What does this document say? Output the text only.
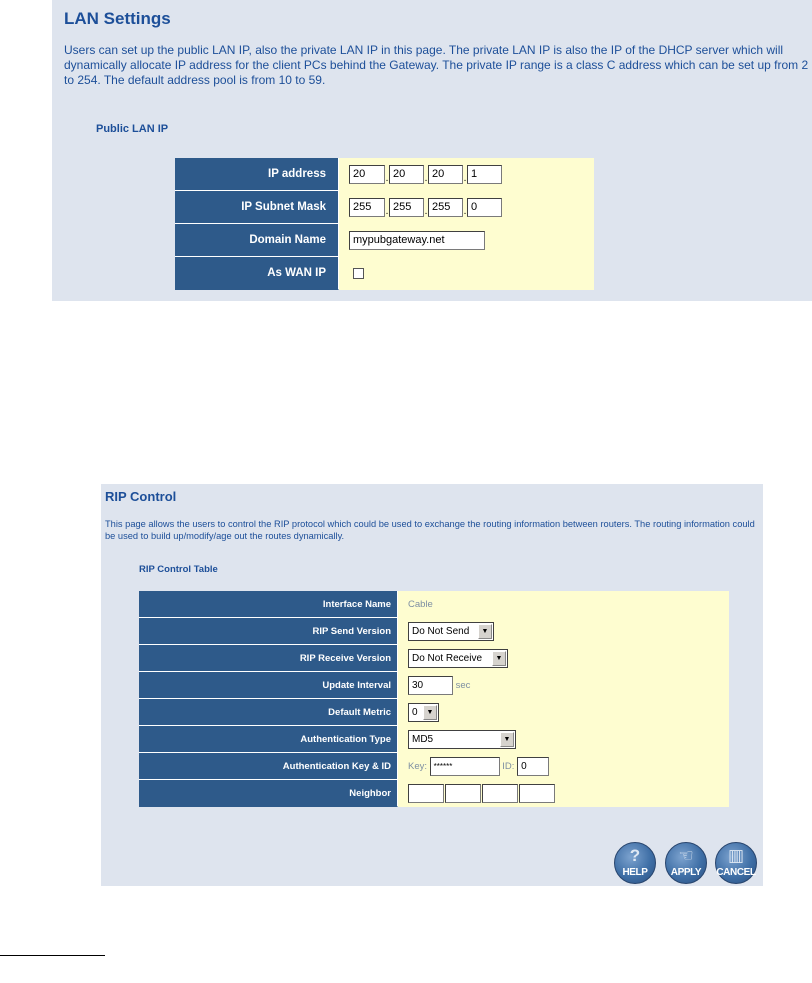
LAN Settings
Users can set up the public LAN IP, also the private LAN IP in this page. The private LAN IP is also the IP of the DHCP server which will dynamically allocate IP address for the client PCs behind the Gateway. The private IP range is a class C address which can be set up from 2 to 254. The default address pool is from 10 to 59.
Public LAN IP
IP address	20 . 20 . 20 . 1
IP Subnet Mask	255 . 255 . 255 . 0
Domain Name	mypubgateway.net
As WAN IP	
RIP Control
This page allows the users to control the RIP protocol which could be used to exchange the routing information between routers. The routing information could be used to build up/modify/age out the routes dynamically.
RIP Control Table
Interface Name	Cable
RIP Send Version	Do Not Send ▼

RIP Receive Version	Do Not Receive ▼

Update Interval	30 sec
Default Metric	0 ▼

Authentication Type	MD5 ▼

Authentication Key & ID	Key: ****** ID: 0
Neighbor	
?
HELP
☜
APPLY
▥
CANCEL
